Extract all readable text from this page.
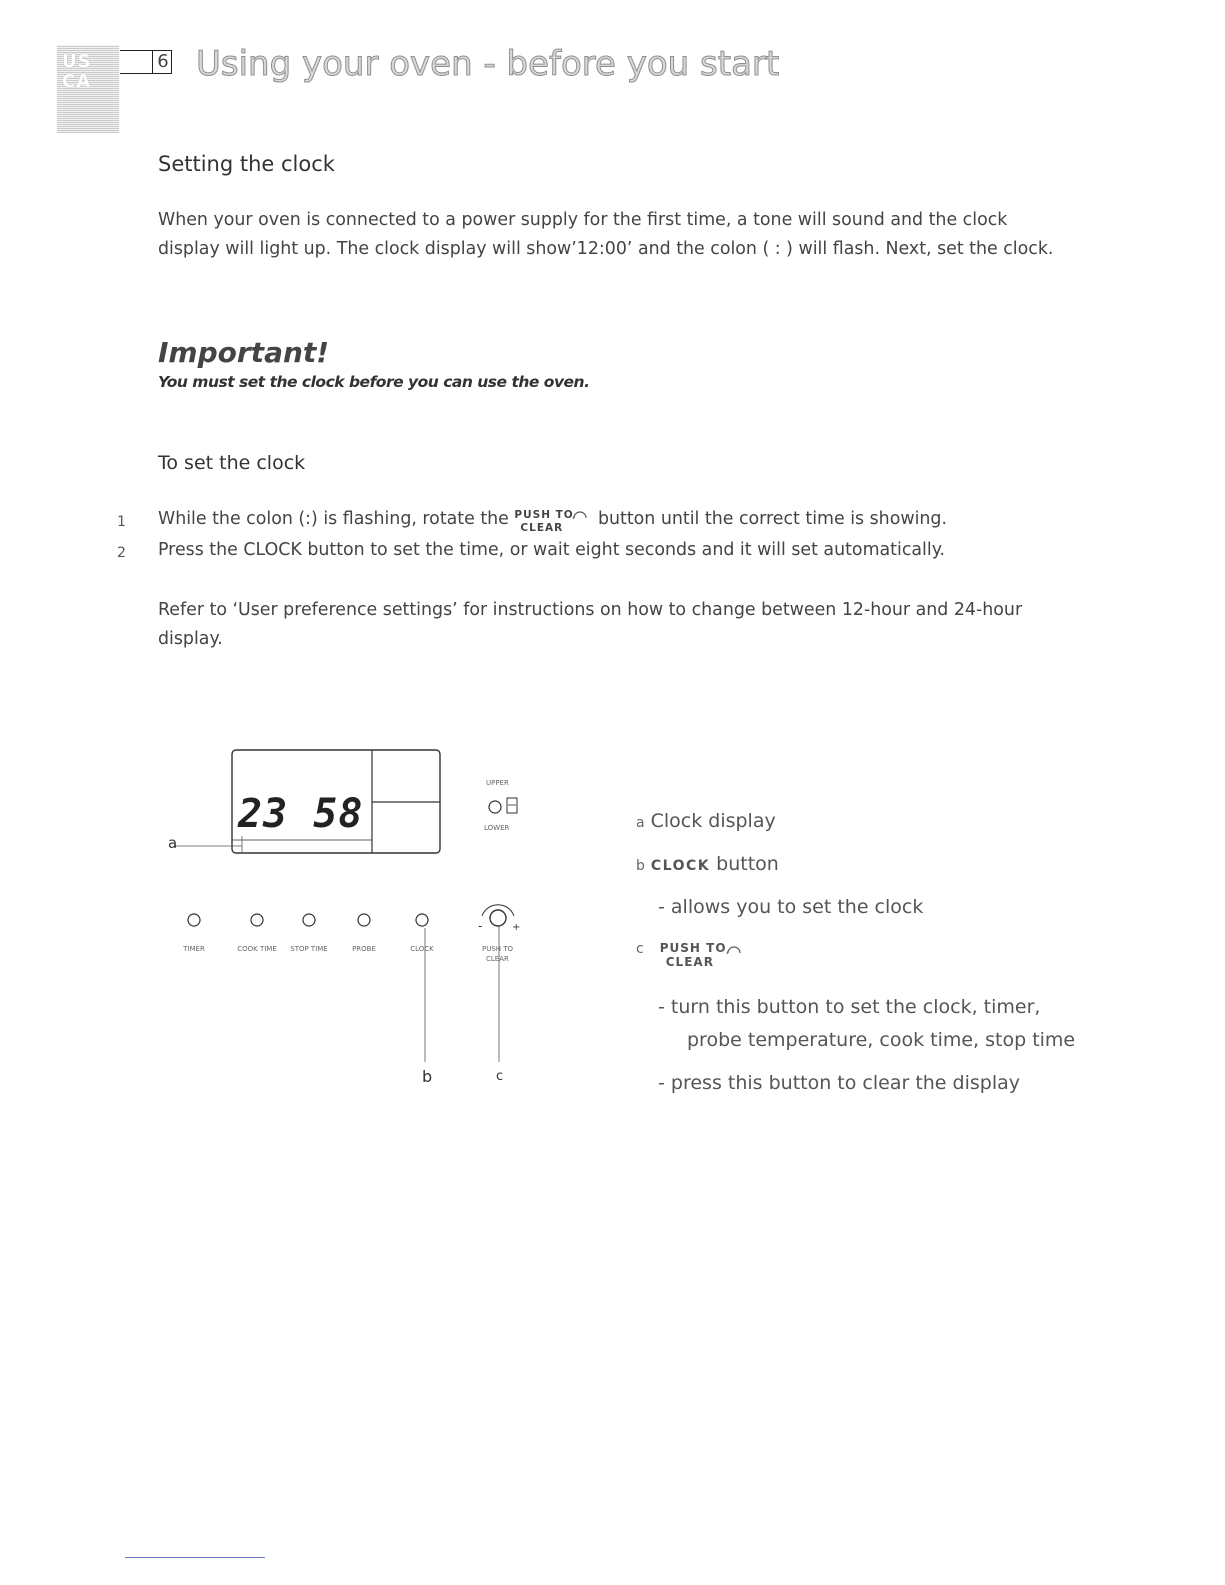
US
CA
6 Using your oven - before you start
Setting the clock
When your oven is connected to a power supply for the first time, a tone will sound and the clock display will light up. The clock display will show’12:00’ and the colon ( : ) will flash. Next, set the clock.
Important!
You must set the clock before you can use the oven.
To set the clock
1 While the colon (:) is flashing, rotate the PUSH TO
CLEAR button until the correct time is showing.
2 Press the CLOCK button to set the time, or wait eight seconds and it will set automatically.
Refer to ‘User preference settings’ for instructions on how to change between 12-hour and 24-hour display.
a
23 58
UPPER
LOWER
TIMER	COOK TIME STOP TIME	PROBE	CLOCK
-	+
PUSH TO
CLEAR
b	c
a Clock display
b CLOCK button
- allows you to set the clock
$^c$ PUSH TO
CLEAR
- turn this button to set the clock, timer,
probe temperature, cook time, stop time
- press this button to clear the display
